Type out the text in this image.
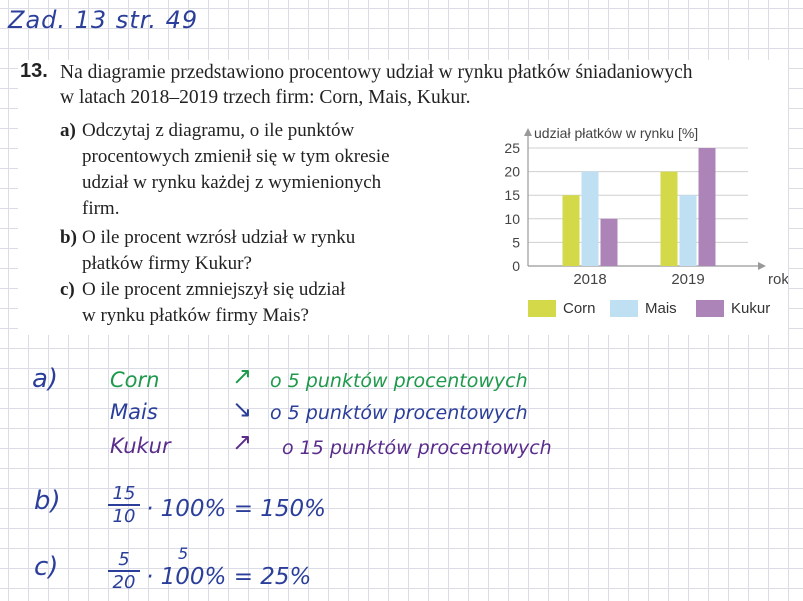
Zad. 13 str. 49
13. Na diagramie przedstawiono procentowy udział w rynku płatków śniadaniowych
w latach 2018–2019 trzech firm: Corn, Mais, Kukur.
a) Odczytaj z diagramu, o ile punktów
procentowych zmienił się w tym okresie
udział w rynku każdej z wymienionych
firm.
b) O ile procent wzrósł udział w rynku
płatków firmy Kukur?
c) O ile procent zmniejszył się udział
w rynku płatków firmy Mais?
0
5
10
15
20
25
udział płatków w rynku [%]
rok
2018	2019
Corn	Mais	Kukur
a) Corn	↗ o 5 punktów procentowych
Mais	↘ o 5 punktów procentowych
Kukur	↗ o 15 punktów procentowych
b)	$\frac{15}{10} \cdot 100\% = 150\%$
c)	5
$\frac{5}{20} \cdot 100\% = 25\%$
